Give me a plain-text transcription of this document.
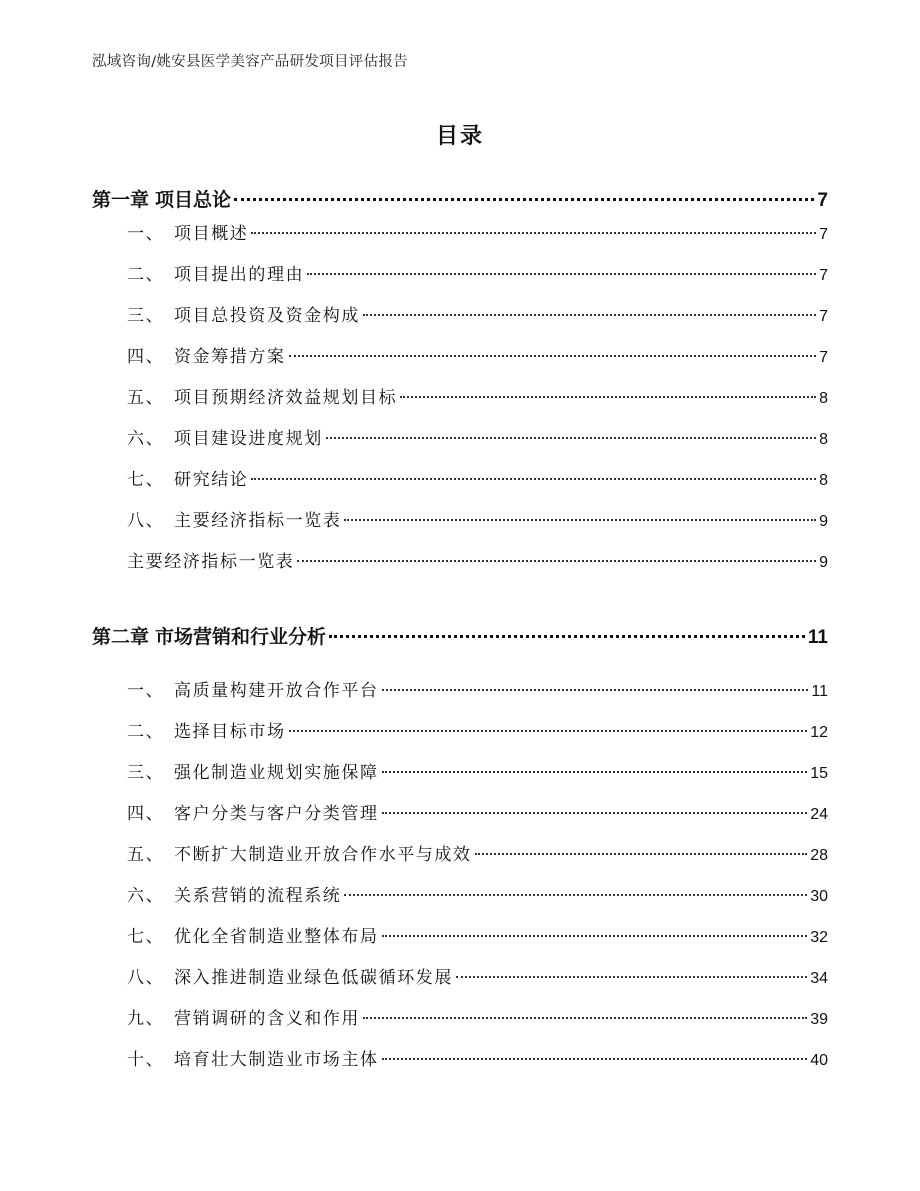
泓域咨询/姚安县医学美容产品研发项目评估报告
目录
第一章 项目总论	7
一、 项目概述	7
二、 项目提出的理由	7
三、 项目总投资及资金构成	7
四、 资金筹措方案	7
五、 项目预期经济效益规划目标	8
六、 项目建设进度规划	8
七、 研究结论	8
八、 主要经济指标一览表	9
主要经济指标一览表	9
第二章 市场营销和行业分析	11
一、 高质量构建开放合作平台	11
二、 选择目标市场	12
三、 强化制造业规划实施保障	15
四、 客户分类与客户分类管理	24
五、 不断扩大制造业开放合作水平与成效	28
六、 关系营销的流程系统	30
七、 优化全省制造业整体布局	32
八、 深入推进制造业绿色低碳循环发展	34
九、 营销调研的含义和作用	39
十、 培育壮大制造业市场主体	40
